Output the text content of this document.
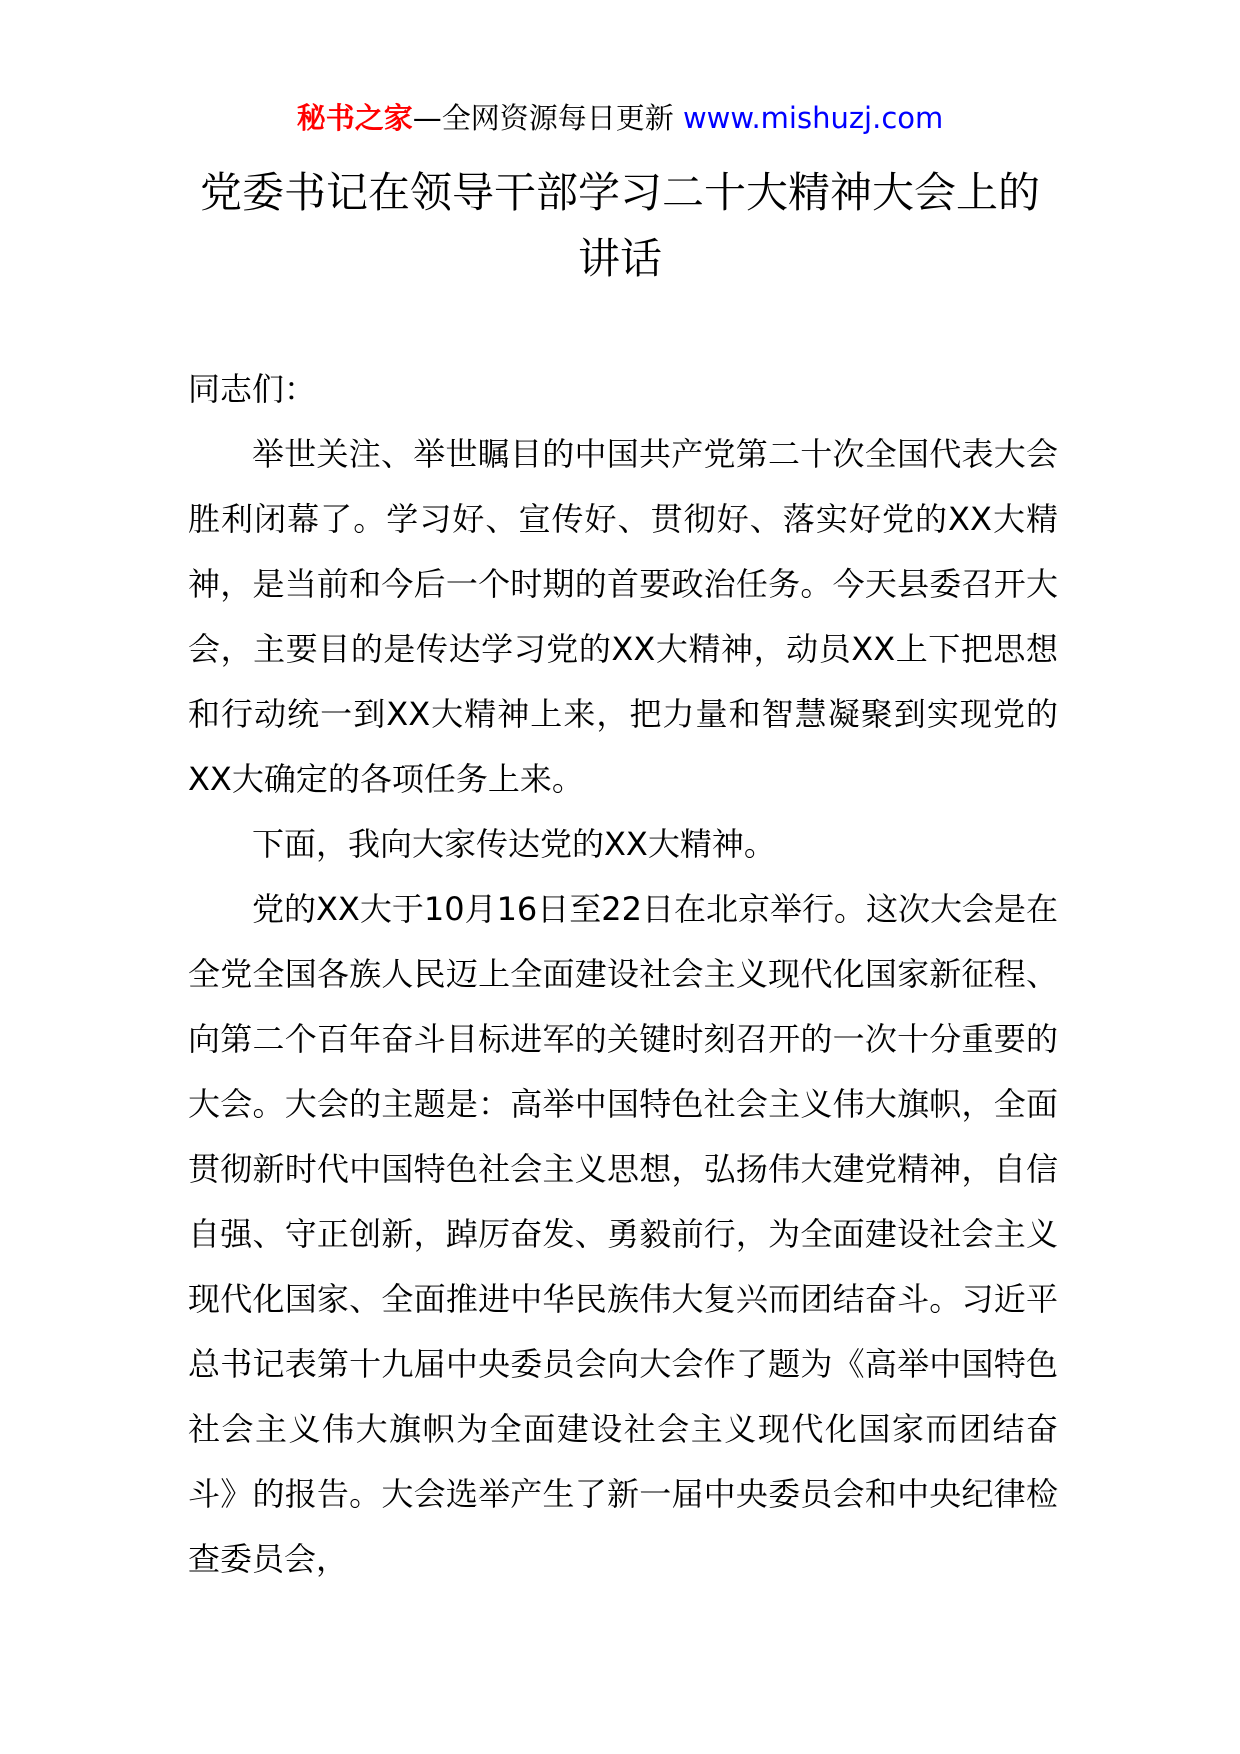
秘书之家—全网资源每日更新 www.mishuzj.com
党委书记在领导干部学习二十大精神大会上的讲话

同志们：

举世关注、举世瞩目的中国共产党第二十次全国代表大会胜利闭幕了。学习好、宣传好、贯彻好、落实好党的XX大精神，是当前和今后一个时期的首要政治任务。今天县委召开大会，主要目的是传达学习党的XX大精神，动员XX上下把思想和行动统一到XX大精神上来，把力量和智慧凝聚到实现党的XX大确定的各项任务上来。

下面，我向大家传达党的XX大精神。

党的XX大于10月16日至22日在北京举行。这次大会是在全党全国各族人民迈上全面建设社会主义现代化国家新征程、向第二个百年奋斗目标进军的关键时刻召开的一次十分重要的大会。大会的主题是：高举中国特色社会主义伟大旗帜，全面贯彻新时代中国特色社会主义思想，弘扬伟大建党精神，自信自强、守正创新，踔厉奋发、勇毅前行，为全面建设社会主义现代化国家、全面推进中华民族伟大复兴而团结奋斗。习近平总书记表第十九届中央委员会向大会作了题为《高举中国特色社会主义伟大旗帜为全面建设社会主义现代化国家而团结奋斗》的报告。大会选举产生了新一届中央委员会和中央纪律检查委员会，
